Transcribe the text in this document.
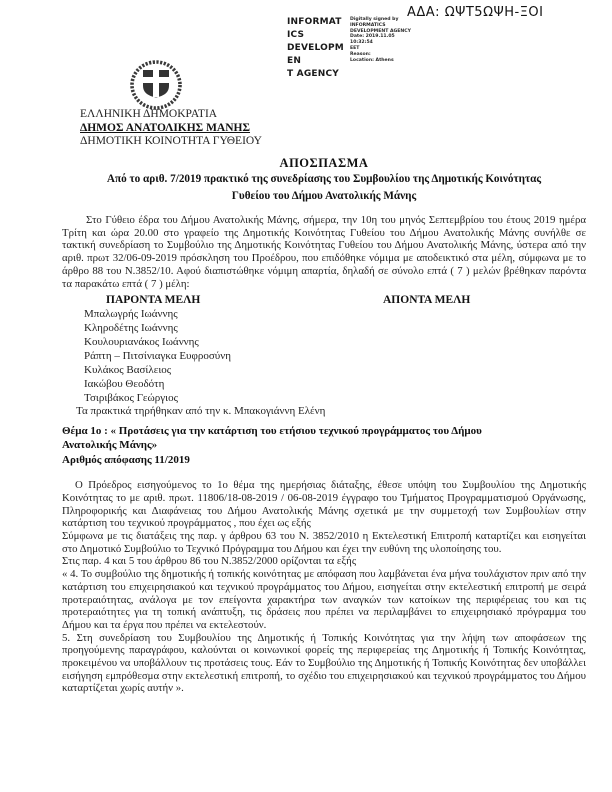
ΑΔΑ: ΩΨΤ5ΩΨΗ-ΞΟΙ
INFORMATICS
DEVELOPMEN
T AGENCY
Digitally signed by
INFORMATICS
DEVELOPMENT AGENCY
Date: 2019.11.05 10:32:54
EET
Reason:
Location: Athens
ΕΛΛΗΝΙΚΗ ΔΗΜΟΚΡΑΤΙΑ
ΔΗΜΟΣ ΑΝΑΤΟΛΙΚΗΣ ΜΑΝΗΣ
ΔΗΜΟΤΙΚΗ ΚΟΙΝΟΤΗΤΑ ΓΥΘΕΙΟΥ
ΑΠΟΣΠΑΣΜΑ
Από το αριθ. 7/2019 πρακτικό της συνεδρίασης του Συμβουλίου της Δημοτικής Κοινότητας
Γυθείου του Δήμου Ανατολικής Μάνης

Στο Γύθειο έδρα του Δήμου Ανατολικής Μάνης, σήμερα, την 10η του μηνός Σεπτεμβρίου του έτους 2019 ημέρα Τρίτη και ώρα 20.00 στο γραφείο της Δημοτικής Κοινότητας Γυθείου του Δήμου Ανατολικής Μάνης συνήλθε σε τακτική συνεδρίαση το Συμβούλιο της Δημοτικής Κοινότητας Γυθείου του Δήμου Ανατολικής Μάνης, ύστερα από την αριθ. πρωτ 32/06-09-2019 πρόσκληση του Προέδρου, που επιδόθηκε νόμιμα με αποδεικτικό στα μέλη, σύμφωνα με το άρθρο 88 του Ν.3852/10. Αφού διαπιστώθηκε νόμιμη απαρτία, δηλαδή σε σύνολο επτά ( 7 ) μελών βρέθηκαν παρόντα τα παρακάτω επτά ( 7 ) μέλη:

ΠΑΡΟΝΤΑ ΜΕΛΗ
Μπαλωγρής Ιωάννης
Κληροδέτης Ιωάννης
Κουλουριανάκος Ιωάννης
Ράπτη – Πιτσίνιαγκα Ευφροσύνη
Κυλάκος Βασίλειος
Ιακώβου Θεοδότη
Τσιριβάκος Γεώργιος
ΑΠΟΝΤΑ ΜΕΛΗ
Τα πρακτικά τηρήθηκαν από την κ. Μπακογιάννη Ελένη
Θέμα 1ο : « Προτάσεις για την κατάρτιση του ετήσιου τεχνικού προγράμματος του Δήμου
Ανατολικής Μάνης»
Αριθμός απόφασης 11/2019

Ο Πρόεδρος εισηγούμενος το 1ο θέμα της ημερήσιας διάταξης, έθεσε υπόψη του Συμβουλίου της Δημοτικής Κοινότητας το με αριθ. πρωτ. 11806/18-08-2019 / 06-08-2019 έγγραφο του Τμήματος Προγραμματισμού Οργάνωσης, Πληροφορικής και Διαφάνειας του Δήμου Ανατολικής Μάνης σχετικά με την συμμετοχή των Συμβουλίων στην κατάρτιση του τεχνικού προγράμματος , που έχει ως εξής

Σύμφωνα με τις διατάξεις της παρ. γ άρθρου 63 του Ν. 3852/2010 η Εκτελεστική Επιτροπή καταρτίζει και εισηγείται στο Δημοτικό Συμβούλιο το Τεχνικό Πρόγραμμα του Δήμου και έχει την ευθύνη της υλοποίησης του.

Στις παρ. 4 και 5 του άρθρου 86 του Ν.3852/2000 ορίζονται τα εξής

« 4. Το συμβούλιο της δημοτικής ή τοπικής κοινότητας με απόφαση που λαμβάνεται ένα μήνα τουλάχιστον πριν από την κατάρτιση του επιχειρησιακού και τεχνικού προγράμματος του Δήμου, εισηγείται στην εκτελεστική επιτροπή με σειρά προτεραιότητας, ανάλογα με τον επείγοντα χαρακτήρα των αναγκών των κατοίκων της περιφέρειας του και τις προτεραιότητες για τη τοπική ανάπτυξη, τις δράσεις που πρέπει να περιλαμβάνει το επιχειρησιακό πρόγραμμα του Δήμου και τα έργα που πρέπει να εκτελεστούν.

5. Στη συνεδρίαση του Συμβουλίου της Δημοτικής ή Τοπικής Κοινότητας για την λήψη των αποφάσεων της προηγούμενης παραγράφου, καλούνται οι κοινωνικοί φορείς της περιφερείας της Δημοτικής ή Τοπικής Κοινότητας, προκειμένου να υποβάλλουν τις προτάσεις τους. Εάν το Συμβούλιο της Δημοτικής ή Τοπικής Κοινότητας δεν υποβάλλει εισήγηση εμπρόθεσμα στην εκτελεστική επιτροπή, το σχέδιο του επιχειρησιακού και τεχνικού προγράμματος του Δήμου καταρτίζεται χωρίς αυτήν ».
